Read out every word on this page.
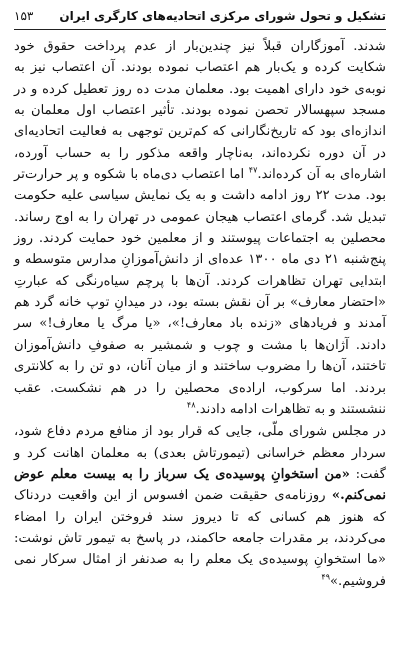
تشکیل و تحول شورای مرکزی اتحادیه‌های کارگری ایران
۱۵۳

شدند. آموزگاران قبلاً نیز چندین‌بار از عدم پرداخت حقوق خود شکایت کرده و یک‌بار هم اعتصاب نموده بودند. آن اعتصاب نیز به نوبه‌ی خود دارای اهمیت بود. معلمان مدت ده روز تعطیل کرده و در مسجد سپهسالار تحصن نموده بودند. تأثیر اعتصاب اول معلمان به اندازه‌ای بود که تاریخ‌نگارانی که کم‌ترین توجهی به فعالیت اتحادیه‌ای در آن دوره نکرده‌اند، به‌ناچار واقعه مذکور را به حساب آورده، اشاره‌ای به آن کرده‌اند.$^{۴۷}$ اما اعتصاب دی‌ماه با شکوه و پر حرارت‌تر بود. مدت ۲۲ روز ادامه داشت و به یک نمایش سیاسی علیه حکومت تبدیل شد. گرمای اعتصاب هیجان عمومی در تهران را به اوج رساند. محصلین به اجتماعات پیوستند و از معلمین خود حمایت کردند. روز پنج‌شنبه ۲۱ دی ماه ۱۳۰۰ عده‌ای از دانش‌آموزانِ مدارس متوسطه و ابتدایی تهران تظاهرات کردند. آن‌ها با پرچم سیاه‌رنگی که عبارتِ «احتضار معارف» بر آن نقش بسته بود، در میدانِ توپ خانه گرد هم آمدند و فریادهای «زنده باد معارف!»، «یا مرگ یا معارف!» سر دادند. آژان‌ها با مشت و چوب و شمشیر به صفوفِ دانش‌آموزان تاختند، آن‌ها را مضروب ساختند و از میان آنان، دو تن را به کلانتری بردند. اما سرکوب، اراده‌ی محصلین را در هم نشکست. عقب ننشستند و به تظاهرات ادامه دادند.$^{۴۸}$

در مجلس شورای ملّی، جایی که قرار بود از منافع مردم دفاع شود، سردار معظم خراسانی (تیمورتاش بعدی) به معلمان اهانت کرد و گفت: «من استخوانِ پوسیده‌ی یک سرباز را به بیست معلم عوض نمی‌کنم.» روزنامه‌ی حقیقت ضمن افسوس از این واقعیت دردناک که هنوز هم کسانی که تا دیروز سند فروختن ایران را امضاء می‌کردند، بر مقدرات جامعه حاکمند، در پاسخ به تیمور تاش نوشت: «ما استخوانِ پوسیده‌ی یک معلم را به صدنفر از امثال سرکار نمی فروشیم.»$^{۴۹}$
